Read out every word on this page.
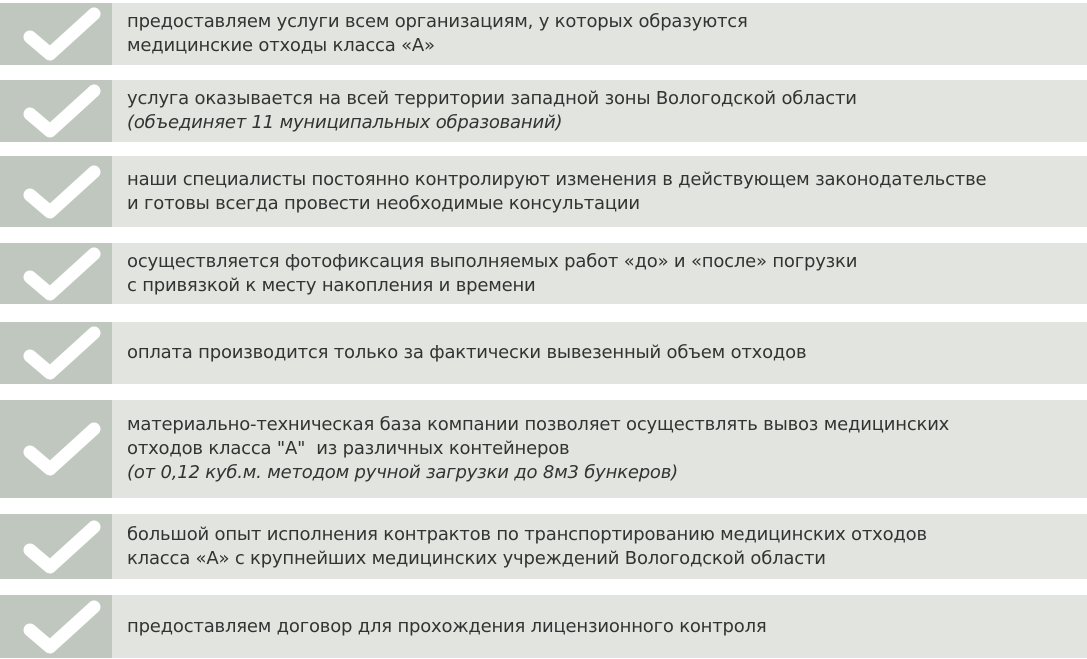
предоставляем услуги всем организациям, у которых образуются
медицинские отходы класса «А»
услуга оказывается на всей территории западной зоны Вологодской области
(объединяет 11 муниципальных образований)
наши специалисты постоянно контролируют изменения в действующем законодательстве
и готовы всегда провести необходимые консультации
осуществляется фотофиксация выполняемых работ «до» и «после» погрузки
с привязкой к месту накопления и времени
оплата производится только за фактически вывезенный объем отходов
материально-техническая база компании позволяет осуществлять вывоз медицинских
отходов класса "А"  из различных контейнеров
(от 0,12 куб.м. методом ручной загрузки до 8м3 бункеров)
большой опыт исполнения контрактов по транспортированию медицинских отходов
класса «А» с крупнейших медицинских учреждений Вологодской области
предоставляем договор для прохождения лицензионного контроля
